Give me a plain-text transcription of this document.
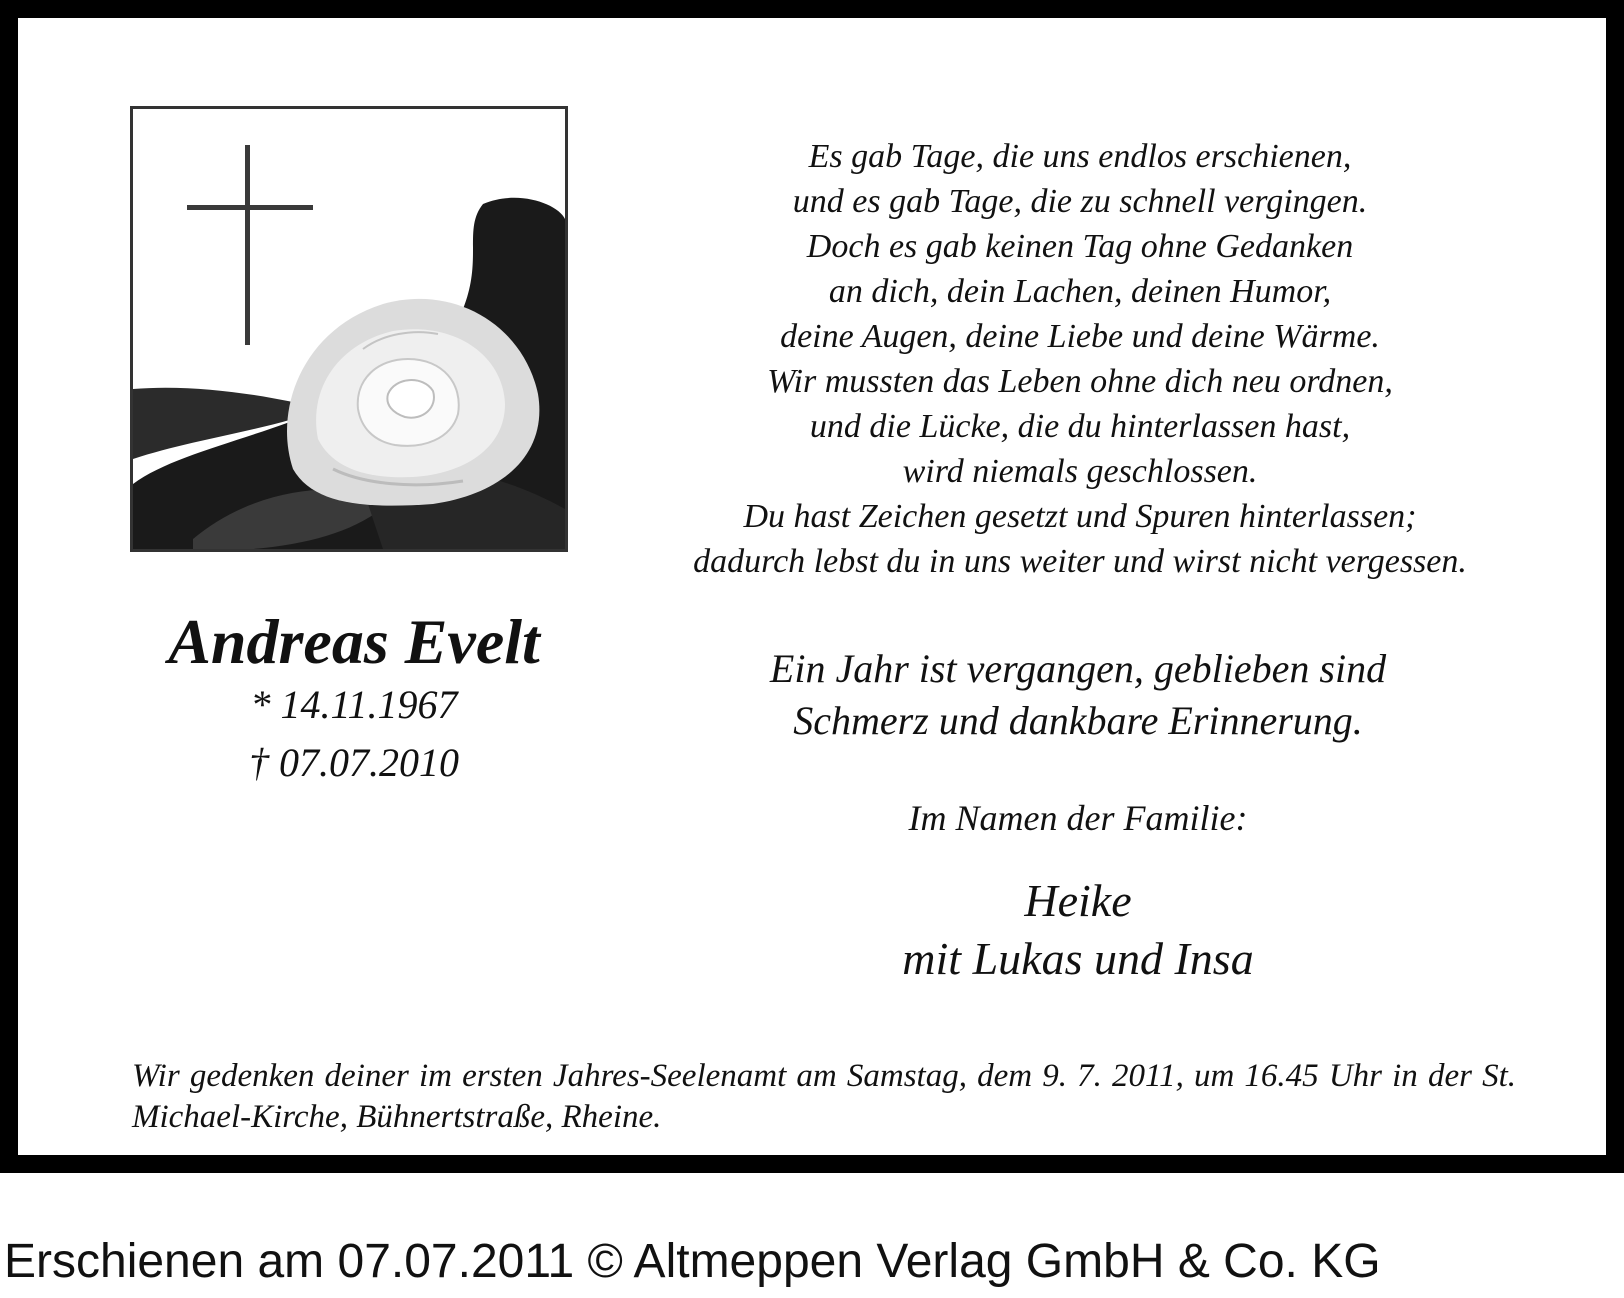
Andreas Evelt
* 14.11.1967
† 07.07.2010
Es gab Tage, die uns endlos erschienen,
und es gab Tage, die zu schnell vergingen.
Doch es gab keinen Tag ohne Gedanken
an dich, dein Lachen, deinen Humor,
deine Augen, deine Liebe und deine Wärme.
Wir mussten das Leben ohne dich neu ordnen,
und die Lücke, die du hinterlassen hast,
wird niemals geschlossen.
Du hast Zeichen gesetzt und Spuren hinterlassen;
dadurch lebst du in uns weiter und wirst nicht vergessen.
Ein Jahr ist vergangen, geblieben sind
Schmerz und dankbare Erinnerung.
Im Namen der Familie:
Heike
mit Lukas und Insa
Wir gedenken deiner im ersten Jahres-Seelenamt am Samstag, dem 9. 7. 2011, um 16.45 Uhr in der St. Michael-Kirche, Bühnertstraße, Rheine.
Erschienen am 07.07.2011 © Altmeppen Verlag GmbH & Co. KG
